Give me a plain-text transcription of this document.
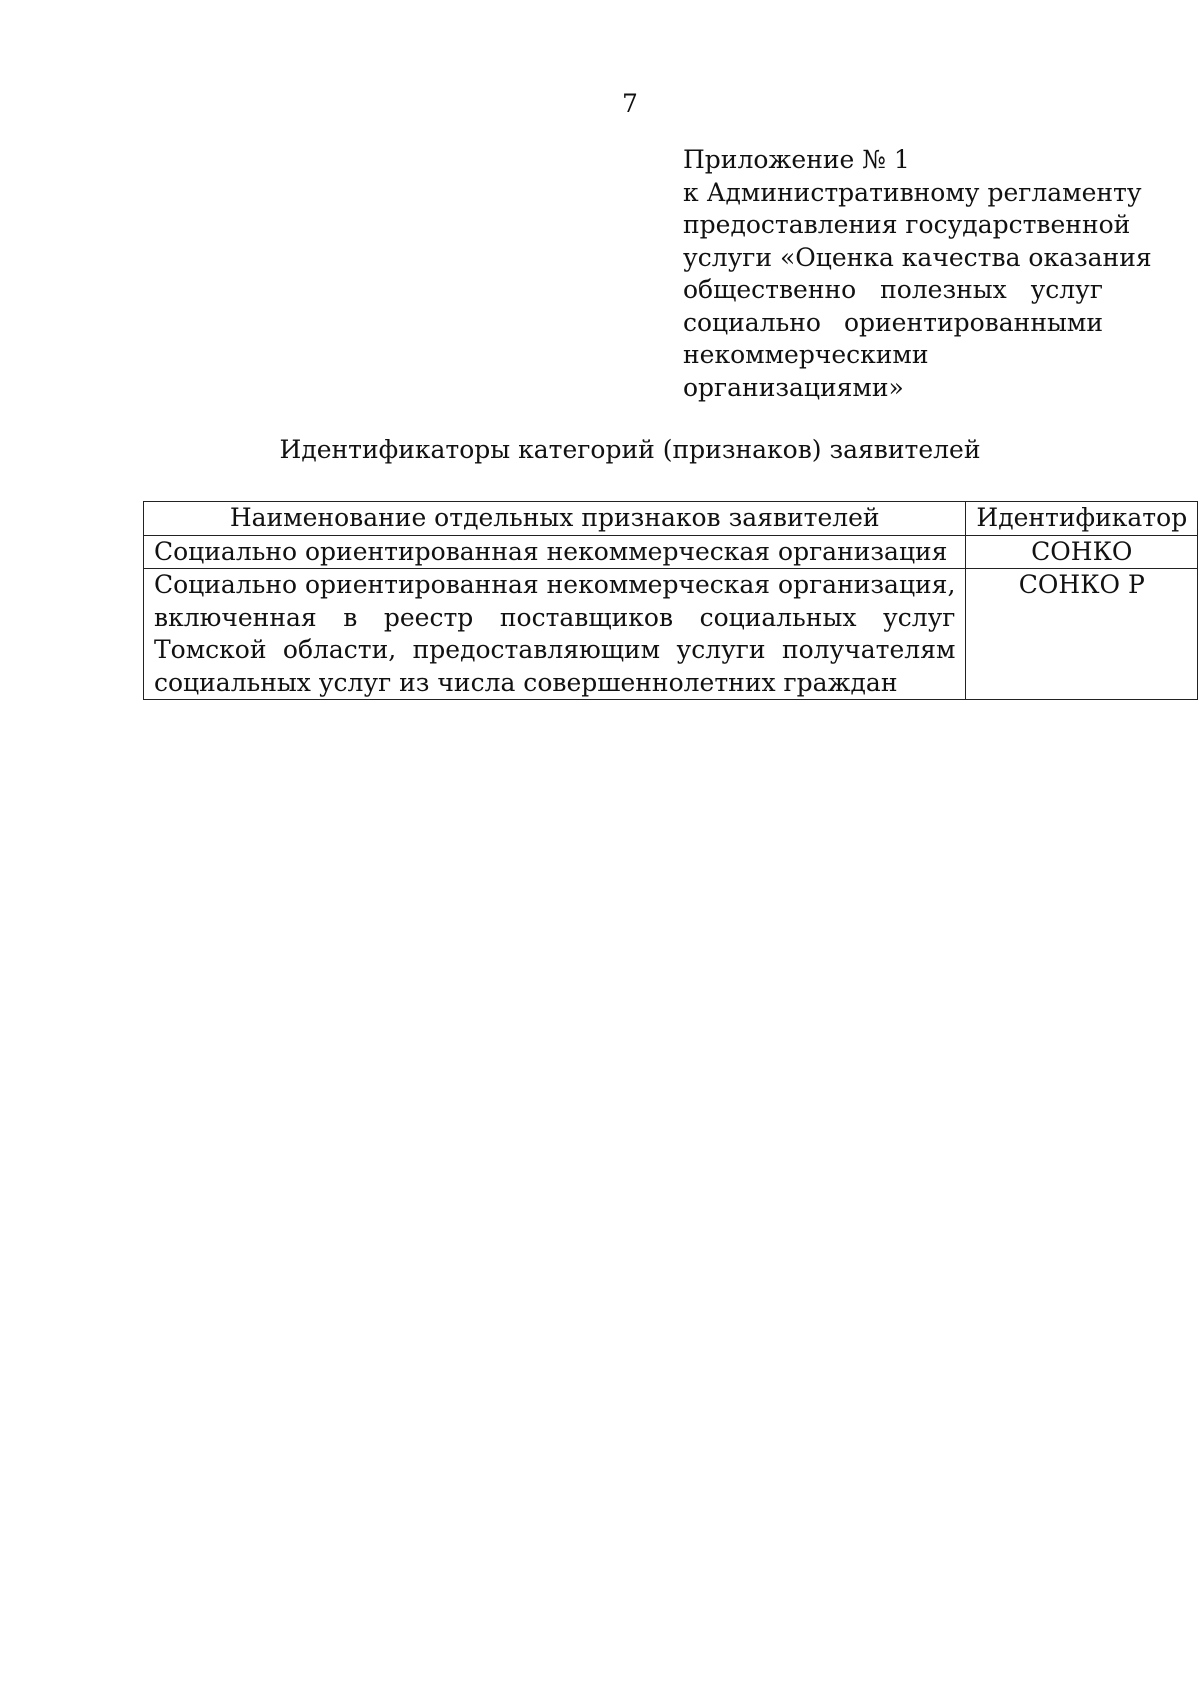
7
Приложение № 1
к Административному регламенту
предоставления государственной
услуги «Оценка качества оказания
общественно полезных услуг
социально ориентированными
некоммерческими
организациями»
Идентификаторы категорий (признаков) заявителей
Наименование отдельных признаков заявителей	Идентификатор

Социально ориентированная некоммерческая организация	СОНКО

Социально ориентированная некоммерческая организация,
включенная в реестр поставщиков социальных услуг
Томской области, предоставляющим услуги получателям
социальных услуг из числа совершеннолетних граждан	СОНКО Р
